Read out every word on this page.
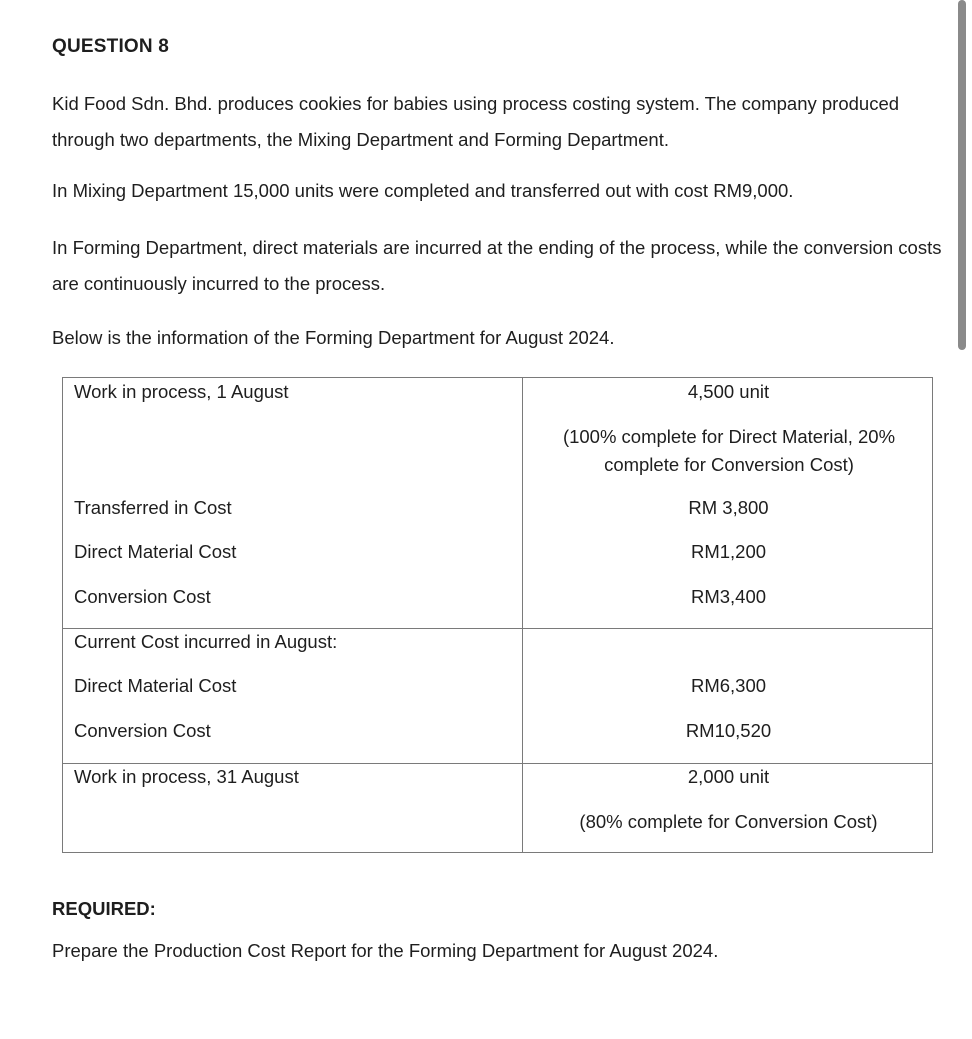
QUESTION 8
Kid Food Sdn. Bhd. produces cookies for babies using process costing system. The company produced through two departments, the Mixing Department and Forming Department.
In Mixing Department 15,000 units were completed and transferred out with cost RM9,000.
In Forming Department, direct materials are incurred at the ending of the process, while the conversion costs are continuously incurred to the process.
Below is the information of the Forming Department for August 2024.
Work in process, 1 August	4,500 unit
(100% complete for Direct Material, 20% complete for Conversion Cost)
Transferred in Cost	RM 3,800
Direct Material Cost	RM1,200
Conversion Cost	RM3,400
Current Cost incurred in August:
Direct Material Cost	RM6,300
Conversion Cost	RM10,520
Work in process, 31 August	2,000 unit
(80% complete for Conversion Cost)
REQUIRED:
Prepare the Production Cost Report for the Forming Department for August 2024.
